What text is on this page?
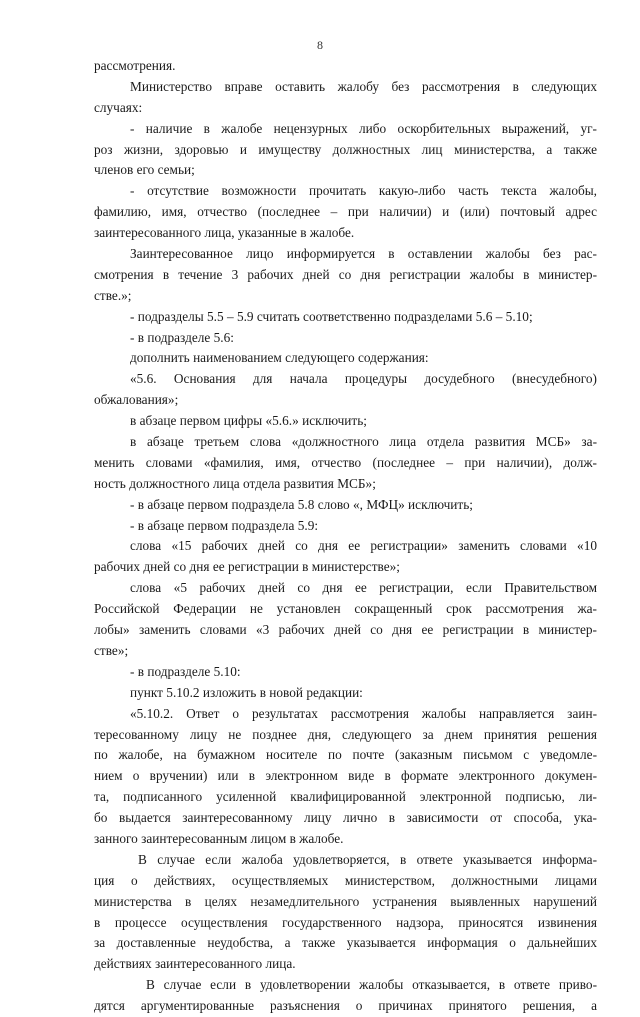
8
рассмотрения.
Министерство вправе оставить жалобу без рассмотрения в следующих
случаях:
- наличие в жалобе нецензурных либо оскорбительных выражений, уг-
роз жизни, здоровью и имуществу должностных лиц министерства, а также
членов его семьи;
- отсутствие возможности прочитать какую-либо часть текста жалобы,
фамилию, имя, отчество (последнее – при наличии) и (или) почтовый адрес
заинтересованного лица, указанные в жалобе.
Заинтересованное лицо информируется в оставлении жалобы без рас-
смотрения в течение 3 рабочих дней со дня регистрации жалобы в министер-
стве.»;
- подразделы 5.5 – 5.9 считать соответственно подразделами 5.6 – 5.10;
- в подразделе 5.6:
дополнить наименованием следующего содержания:
«5.6. Основания для начала процедуры досудебного (внесудебного)
обжалования»;
в абзаце первом цифры «5.6.» исключить;
в абзаце третьем слова «должностного лица отдела развития МСБ» за-
менить словами «фамилия, имя, отчество (последнее – при наличии), долж-
ность должностного лица отдела развития МСБ»;
- в абзаце первом подраздела 5.8 слово «, МФЦ» исключить;
- в абзаце первом подраздела 5.9:
слова «15 рабочих дней со дня ее регистрации» заменить словами «10
рабочих дней со дня ее регистрации в министерстве»;
слова «5 рабочих дней со дня ее регистрации, если Правительством
Российской Федерации не установлен сокращенный срок рассмотрения жа-
лобы» заменить словами «3 рабочих дней со дня ее регистрации в министер-
стве»;
- в подразделе 5.10:
пункт 5.10.2 изложить в новой редакции:
«5.10.2. Ответ о результатах рассмотрения жалобы направляется заин-
тересованному лицу не позднее дня, следующего за днем принятия решения
по жалобе, на бумажном носителе по почте (заказным письмом с уведомле-
нием о вручении) или в электронном виде в формате электронного докумен-
та, подписанного усиленной квалифицированной электронной подписью, ли-
бо выдается заинтересованному лицу лично в зависимости от способа, ука-
занного заинтересованным лицом в жалобе.
В случае если жалоба удовлетворяется, в ответе указывается информа-
ция о действиях, осуществляемых министерством, должностными лицами
министерства в целях незамедлительного устранения выявленных нарушений
в процессе осуществления государственного надзора, приносятся извинения
за доставленные неудобства, а также указывается информация о дальнейших
действиях заинтересованного лица.
В случае если в удовлетворении жалобы отказывается, в ответе приво-
дятся аргументированные разъяснения о причинах принятого решения, а
